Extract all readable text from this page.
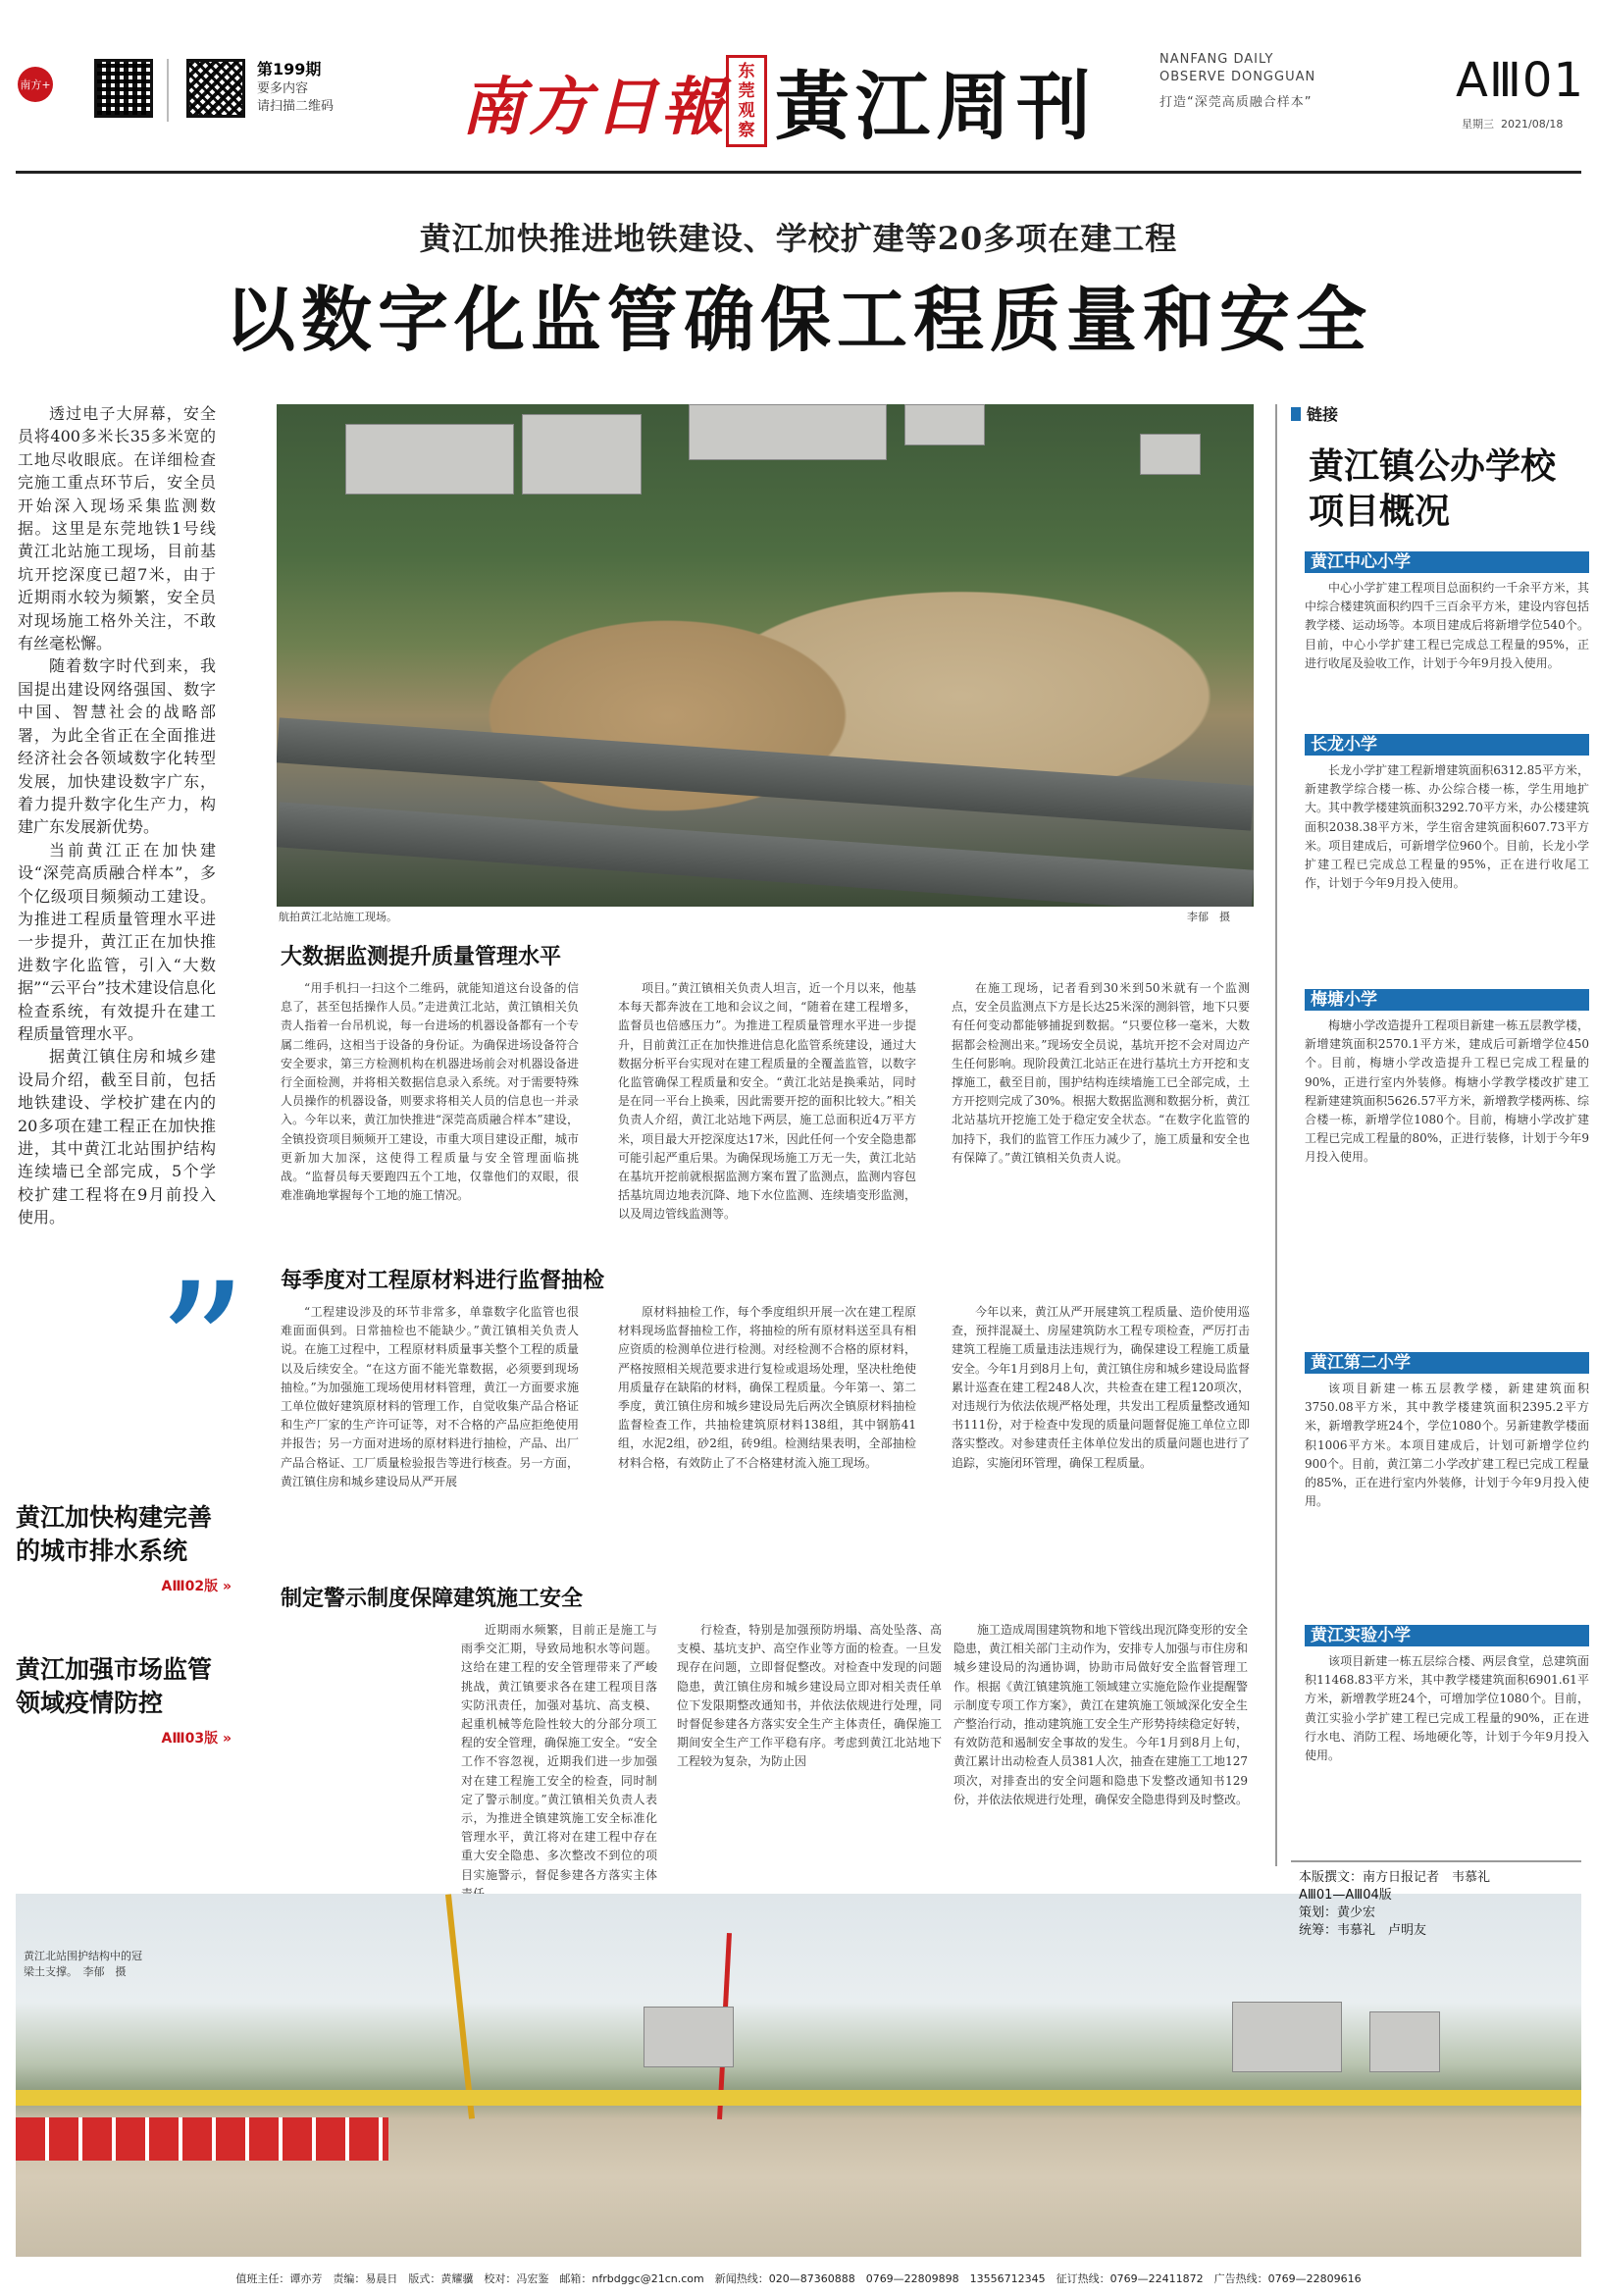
南方+
第199期
要多内容
请扫描二维码 南方日報 东莞观察 黃江周刊
NANFANG DAILY
OBSERVE DONGGUAN
打造“深莞高质融合样本”	AⅢ01
星期三 2021/08/18
黄江加快推进地铁建设、学校扩建等20多项在建工程
以数字化监管确保工程质量和安全

透过电子大屏幕，安全员将400多米长35多米宽的工地尽收眼底。在详细检查完施工重点环节后，安全员开始深入现场采集监测数据。这里是东莞地铁1号线黄江北站施工现场，目前基坑开挖深度已超7米，由于近期雨水较为频繁，安全员对现场施工格外关注，不敢有丝毫松懈。

随着数字时代到来，我国提出建设网络强国、数字中国、智慧社会的战略部署，为此全省正在全面推进经济社会各领域数字化转型发展，加快建设数字广东，着力提升数字化生产力，构建广东发展新优势。

当前黄江正在加快建设“深莞高质融合样本”，多个亿级项目频频动工建设。为推进工程质量管理水平进一步提升，黄江正在加快推进数字化监管，引入“大数据”“云平台”技术建设信息化检查系统，有效提升在建工程质量管理水平。

据黄江镇住房和城乡建设局介绍，截至目前，包括地铁建设、学校扩建在内的20多项在建工程正在加快推进，其中黄江北站围护结构连续墙已全部完成，5个学校扩建工程将在9月前投入使用。

”
黄江加快构建完善
的城市排水系统
AⅢ02版 »
黄江加强市场监管
领域疫情防控
AⅢ03版 »
航拍黄江北站施工现场。	李郁　摄
大数据监测提升质量管理水平

“用手机扫一扫这个二维码，就能知道这台设备的信息了，甚至包括操作人员。”走进黄江北站，黄江镇相关负责人指着一台吊机说，每一台进场的机器设备都有一个专属二维码，这相当于设备的身份证。为确保进场设备符合安全要求，第三方检测机构在机器进场前会对机器设备进行全面检测，并将相关数据信息录入系统。对于需要特殊人员操作的机器设备，则要求将相关人员的信息也一并录入。今年以来，黄江加快推进“深莞高质融合样本”建设，全镇投资项目频频开工建设，市重大项目建设正酣，城市更新加大加深，这使得工程质量与安全管理面临挑战。“监督员每天要跑四五个工地，仅靠他们的双眼，很难准确地掌握每个工地的施工情况。

项目。”黄江镇相关负责人坦言，近一个月以来，他基本每天都奔波在工地和会议之间，“随着在建工程增多，监督员也倍感压力”。为推进工程质量管理水平进一步提升，目前黄江正在加快推进信息化监管系统建设，通过大数据分析平台实现对在建工程质量的全覆盖监管，以数字化监管确保工程质量和安全。“黄江北站是换乘站，同时是在同一平台上换乘，因此需要开挖的面积比较大。”相关负责人介绍，黄江北站地下两层，施工总面积近4万平方米，项目最大开挖深度达17米，因此任何一个安全隐患都可能引起严重后果。为确保现场施工万无一失，黄江北站在基坑开挖前就根据监测方案布置了监测点，监测内容包括基坑周边地表沉降、地下水位监测、连续墙变形监测，以及周边管线监测等。

在施工现场，记者看到30米到50米就有一个监测点，安全员监测点下方是长达25米深的测斜管，地下只要有任何变动都能够捕捉到数据。“只要位移一毫米，大数据都会检测出来。”现场安全员说，基坑开挖不会对周边产生任何影响。现阶段黄江北站正在进行基坑土方开挖和支撑施工，截至目前，围护结构连续墙施工已全部完成，土方开挖则完成了30%。根据大数据监测和数据分析，黄江北站基坑开挖施工处于稳定安全状态。“在数字化监管的加持下，我们的监管工作压力减少了，施工质量和安全也有保障了。”黄江镇相关负责人说。

每季度对工程原材料进行监督抽检

“工程建设涉及的环节非常多，单靠数字化监管也很难面面俱到。日常抽检也不能缺少。”黄江镇相关负责人说。在施工过程中，工程原材料质量事关整个工程的质量以及后续安全。“在这方面不能光靠数据，必须要到现场抽检。”为加强施工现场使用材料管理，黄江一方面要求施工单位做好建筑原材料的管理工作，自觉收集产品合格证和生产厂家的生产许可证等，对不合格的产品应拒绝使用并报告；另一方面对进场的原材料进行抽检，产品、出厂产品合格证、工厂质量检验报告等进行核查。另一方面，黄江镇住房和城乡建设局从严开展

原材料抽检工作，每个季度组织开展一次在建工程原材料现场监督抽检工作，将抽检的所有原材料送至具有相应资质的检测单位进行检测。对经检测不合格的原材料，严格按照相关规范要求进行复检或退场处理，坚决杜绝使用质量存在缺陷的材料，确保工程质量。今年第一、第二季度，黄江镇住房和城乡建设局先后两次全镇原材料抽检监督检查工作，共抽检建筑原材料138组，其中钢筋41组，水泥2组，砂2组，砖9组。检测结果表明，全部抽检材料合格，有效防止了不合格建材流入施工现场。

今年以来，黄江从严开展建筑工程质量、造价使用巡查，预拌混凝土、房屋建筑防水工程专项检查，严厉打击建筑工程施工质量违法违规行为，确保建设工程施工质量安全。今年1月到8月上旬，黄江镇住房和城乡建设局监督累计巡查在建工程248人次，共检查在建工程120项次，对违规行为依法依规严格处理，共发出工程质量整改通知书111份，对于检查中发现的质量问题督促施工单位立即落实整改。对参建责任主体单位发出的质量问题也进行了追踪，实施闭环管理，确保工程质量。

制定警示制度保障建筑施工安全

近期雨水频繁，目前正是施工与雨季交汇期，导致局地积水等问题。这给在建工程的安全管理带来了严峻挑战，黄江镇要求各在建工程项目落实防汛责任，加强对基坑、高支模、起重机械等危险性较大的分部分项工程的安全管理，确保施工安全。“安全工作不容忽视，近期我们进一步加强对在建工程施工安全的检查，同时制定了警示制度。”黄江镇相关负责人表示，为推进全镇建筑施工安全标准化管理水平，黄江将对在建工程中存在重大安全隐患、多次整改不到位的项目实施警示，督促参建各方落实主体

行检查，特别是加强预防坍塌、高处坠落、高支模、基坑支护、高空作业等方面的检查。一旦发现存在问题，立即督促整改。对检查中发现的问题隐患，黄江镇住房和城乡建设局立即对相关责任单位下发限期整改通知书，并依法依规进行处理，同时督促参建各方落实安全生产主体责任，确保施工期间安全生产工作平稳有序。考虑到黄江北站地下工程较为复杂，为防止因

施工造成周围建筑物和地下管线出现沉降变形的安全隐患，黄江相关部门主动作为，安排专人加强与市住房和城乡建设局的沟通协调，协助市局做好安全监督管理工作。根据《黄江镇建筑施工领域建立实施危险作业提醒警示制度专项工作方案》，黄江在建筑施工领域深化安全生产整治行动，推动建筑施工安全生产形势持续稳定好转，有效防范和遏制安全事故的发生。今年1月到8月上旬，黄江累计出动检查人员381人次，抽查在建施工工地127项次，对排查出的安全问题和隐患下发整改通知书129份，并依法依规进行处理，确保安全隐患得到及时整改。

黄江北站围护结构中的冠
梁土支撑。　李郁　摄
链接
黄江镇公办学校
项目概况
黄江中心小学

中心小学扩建工程项目总面积约一千余平方米，其中综合楼建筑面积约四千三百余平方米，建设内容包括教学楼、运动场等。本项目建成后将新增学位540个。目前，中心小学扩建工程已完成总工程量的95%，正进行收尾及验收工作，计划于今年9月投入使用。

长龙小学

长龙小学扩建工程新增建筑面积6312.85平方米，新建教学综合楼一栋、办公综合楼一栋，学生用地扩大。其中教学楼建筑面积3292.70平方米，办公楼建筑面积2038.38平方米，学生宿舍建筑面积607.73平方米。项目建成后，可新增学位960个。目前，长龙小学扩建工程已完成总工程量的95%，正在进行收尾工作，计划于今年9月投入使用。

梅塘小学

梅塘小学改造提升工程项目新建一栋五层教学楼，新增建筑面积2570.1平方米，建成后可新增学位450个。目前，梅塘小学改造提升工程已完成工程量的90%，正进行室内外装修。梅塘小学教学楼改扩建工程新建建筑面积5626.57平方米，新增教学楼两栋、综合楼一栋，新增学位1080个。目前，梅塘小学改扩建工程已完成工程量的80%，正进行装修，计划于今年9月投入使用。

黄江第二小学

该项目新建一栋五层教学楼，新建建筑面积3750.08平方米，其中教学楼建筑面积2395.2平方米，新增教学班24个，学位1080个。另新建教学楼面积1006平方米。本项目建成后，计划可新增学位约900个。目前，黄江第二小学改扩建工程已完成工程量的85%，正在进行室内外装修，计划于今年9月投入使用。

黄江实验小学

该项目新建一栋五层综合楼、两层食堂，总建筑面积11468.83平方米，其中教学楼建筑面积6901.61平方米，新增教学班24个，可增加学位1080个。目前，黄江实验小学扩建工程已完成工程量的90%，正在进行水电、消防工程、场地硬化等，计划于今年9月投入使用。

本版撰文：南方日报记者　韦慕礼
AⅢ01—AⅢ04版
策划：黄少宏
统筹：韦慕礼　卢明友
值班主任：谭亦芳　责编：易晨日　版式：黄耀骥　校对：冯宏鉴　邮箱：nfrbdggc@21cn.com　新闻热线：020—87360888　0769—22809898　13556712345　征订热线：0769—22411872　广告热线：0769—22809616
